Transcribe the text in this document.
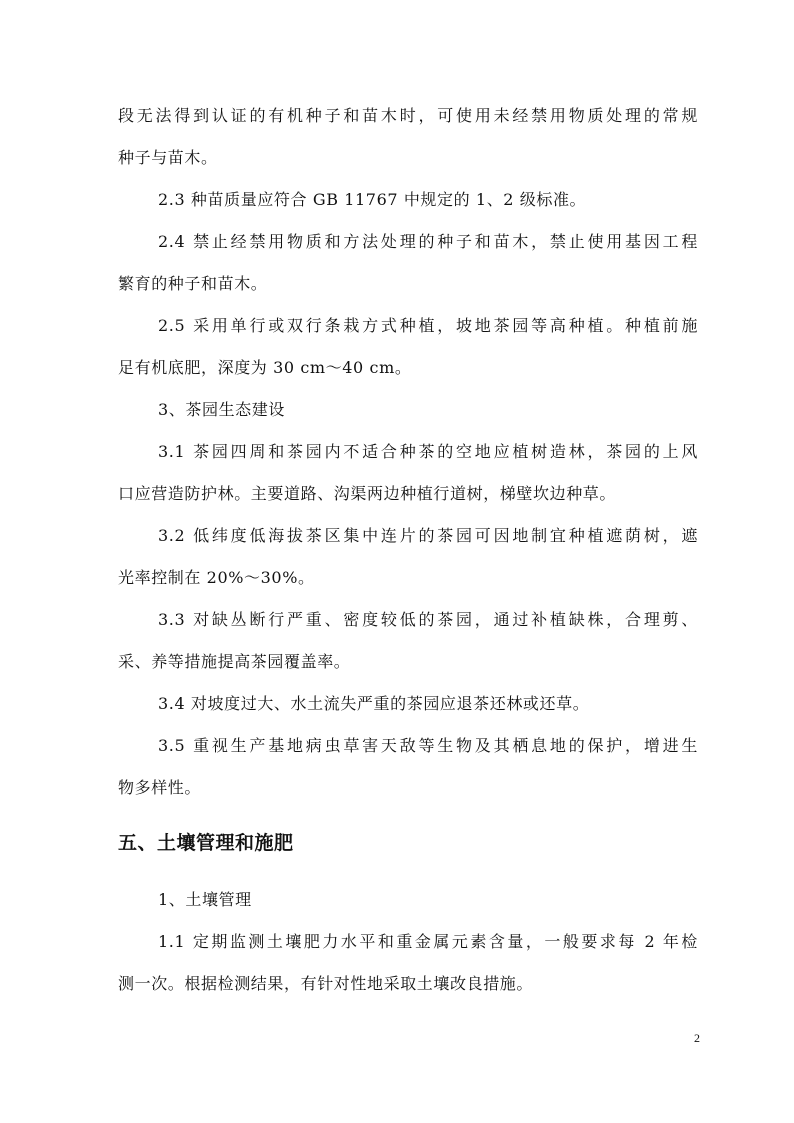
段无法得到认证的有机种子和苗木时，可使用未经禁用物质处理的常规
种子与苗木。
2.3 种苗质量应符合 GB 11767 中规定的 1、2 级标准。
2.4 禁止经禁用物质和方法处理的种子和苗木，禁止使用基因工程
繁育的种子和苗木。
2.5 采用单行或双行条栽方式种植，坡地茶园等高种植。种植前施
足有机底肥，深度为 30 cm～40 cm。
3、茶园生态建设
3.1 茶园四周和茶园内不适合种茶的空地应植树造林，茶园的上风
口应营造防护林。主要道路、沟渠两边种植行道树，梯壁坎边种草。
3.2 低纬度低海拔茶区集中连片的茶园可因地制宜种植遮荫树，遮
光率控制在 20%～30%。
3.3 对缺丛断行严重、密度较低的茶园，通过补植缺株，合理剪、
采、养等措施提高茶园覆盖率。
3.4 对坡度过大、水土流失严重的茶园应退茶还林或还草。
3.5 重视生产基地病虫草害天敌等生物及其栖息地的保护，增进生
物多样性。
五、土壤管理和施肥
1、土壤管理
1.1 定期监测土壤肥力水平和重金属元素含量，一般要求每 2 年检
测一次。根据检测结果，有针对性地采取土壤改良措施。
2
